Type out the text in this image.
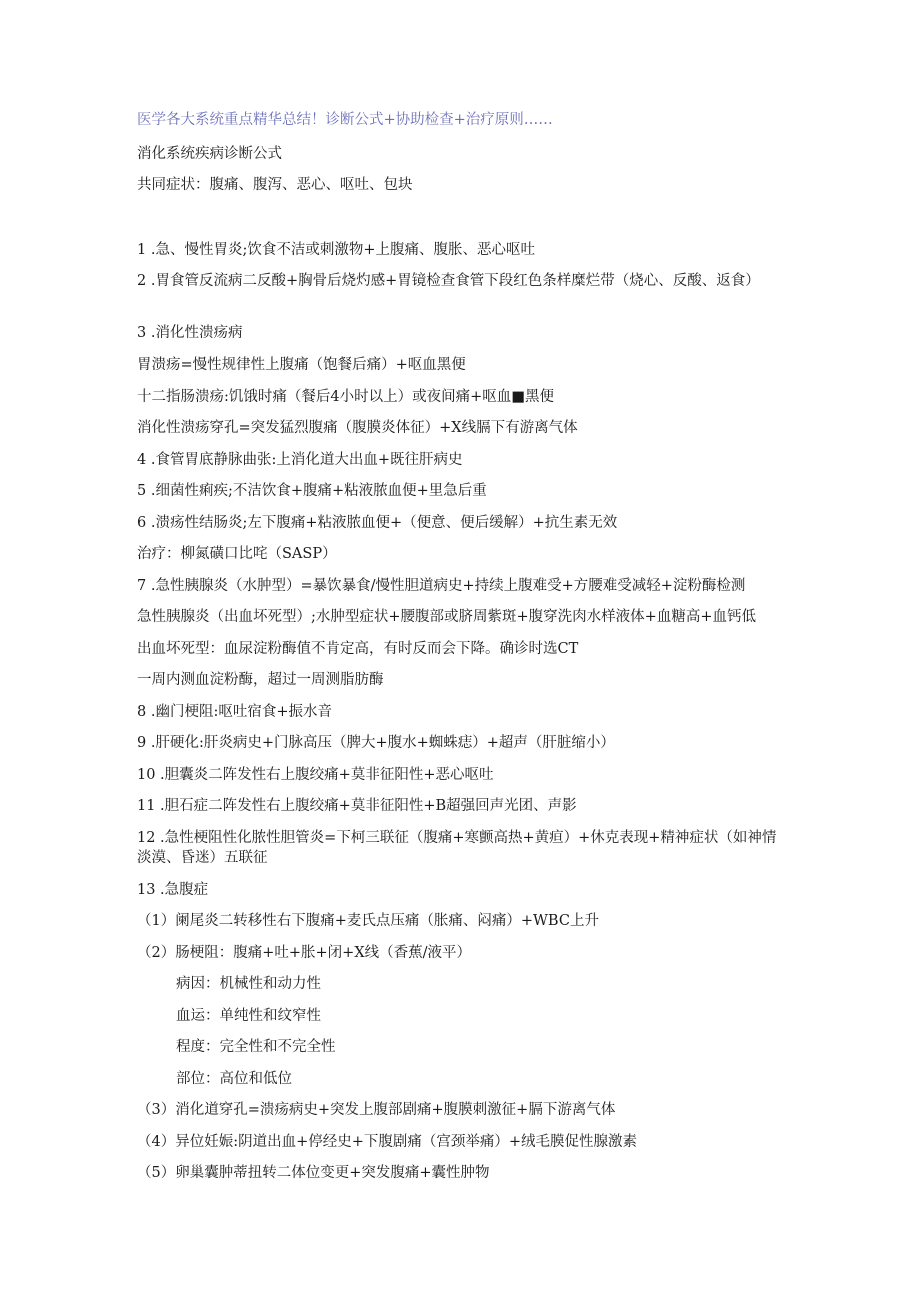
医学各大系统重点精华总结！诊断公式+协助检查+治疗原则……
消化系统疾病诊断公式
共同症状：腹痛、腹泻、恶心、呕吐、包块
1 .急、慢性胃炎;饮食不洁或刺激物+上腹痛、腹胀、恶心呕吐
2 .胃食管反流病二反酸+胸骨后烧灼感+胃镜检查食管下段红色条样糜烂带（烧心、反酸、返食）
3 .消化性溃疡病
胃溃疡=慢性规律性上腹痛（饱餐后痛）+呕血黑便
十二指肠溃疡:饥饿时痛（餐后4小时以上）或夜间痛+呕血■黑便
消化性溃疡穿孔=突发猛烈腹痛（腹膜炎体征）+X线膈下有游离气体
4 .食管胃底静脉曲张:上消化道大出血+既往肝病史
5 .细菌性痢疾;不洁饮食+腹痛+粘液脓血便+里急后重
6 .溃疡性结肠炎;左下腹痛+粘液脓血便+（便意、便后缓解）+抗生素无效
治疗：柳氮磺口比咤（SASP）
7 .急性胰腺炎（水肿型）=暴饮暴食/慢性胆道病史+持续上腹难受+方腰难受减轻+淀粉酶检测
急性胰腺炎（出血坏死型）;水肿型症状+腰腹部或脐周紫斑+腹穿洗肉水样液体+血糖高+血钙低
出血坏死型：血尿淀粉酶值不肯定高，有时反而会下降。确诊时选CT
一周内测血淀粉酶，超过一周测脂肪酶
8 .幽门梗阻:呕吐宿食+振水音
9 .肝硬化:肝炎病史+门脉高压（脾大+腹水+蜘蛛痣）+超声（肝脏缩小）
10 .胆囊炎二阵发性右上腹绞痛+莫非征阳性+恶心呕吐
11 .胆石症二阵发性右上腹绞痛+莫非征阳性+B超强回声光团、声影
12 .急性梗阻性化脓性胆管炎=下柯三联征（腹痛+寒颤高热+黄疸）+休克表现+精神症状（如神情淡漠、昏迷）五联征
13 .急腹症
（1）阑尾炎二转移性右下腹痛+麦氏点压痛（胀痛、闷痛）+WBC上升
（2）肠梗阻：腹痛+吐+胀+闭+X线（香蕉/液平）
病因：机械性和动力性
血运：单纯性和纹窄性
程度：完全性和不完全性
部位：高位和低位
（3）消化道穿孔=溃疡病史+突发上腹部剧痛+腹膜刺激征+膈下游离气体
（4）异位妊娠:阴道出血+停经史+下腹剧痛（宫颈举痛）+绒毛膜促性腺激素
（5）卵巢囊肿蒂扭转二体位变更+突发腹痛+囊性肿物
